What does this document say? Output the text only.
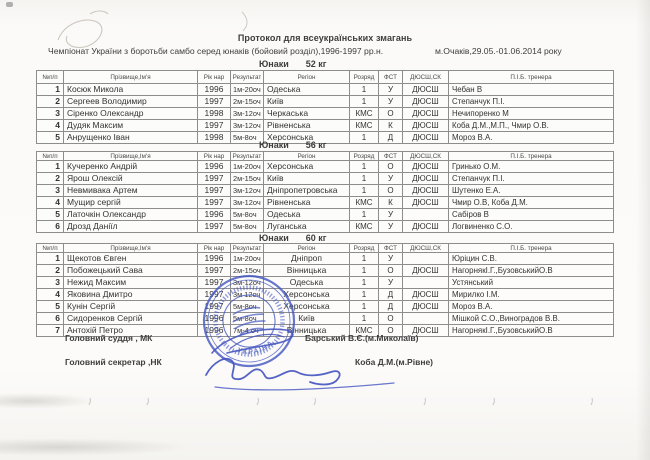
Протокол для всеукраїнських змагань
Чемпіонат України з боротьби самбо серед юнаків (бойовий розділ),1996-1997 рр.н.	м.Очаків,29.05.-01.06.2014 року
Юнаки 52 кг
№п/п	Прізвище,Ім'я	Рік нар	Результат	Регіон	Розряд	ФСТ	ДЮСШ,СК	П.І.Б. тренера
1	Косюк Микола	1996	1м-20оч	Одеська	1	У	ДЮСШ	Чебан В
2	Сергеев Володимир	1997	2м-15оч	Київ	1	У	ДЮСШ	Степанчук П.І.
3	Сіренко Олександр	1998	3м-12оч	Черкаська	КМС	О	ДЮСШ	Нечипоренко М
4	Дудяк Максим	1997	3м-12оч	Рівненська	КМС	К	ДЮСШ	Коба Д.М.,М.П., Чмир О.В.
5	Анрущенко Іван	1998	5м-8оч	Херсонська	1	Д	ДЮСШ	Мороз В.А.
Юнаки 56 кг
№п/п	Прізвище,Ім'я	Рік нар	Результат	Регіон	Розряд	ФСТ	ДЮСШ,СК	П.І.Б. тренера
1	Кучеренко Андрій	1996	1м-20оч	Херсонська	1	О	ДЮСШ	Гринько О.М.
2	Ярош Олексій	1997	2м-15оч	Київ	1	У	ДЮСШ	Степанчук П.І.
3	Невмивака Артем	1997	3м-12оч	Дніпропетровська	1	О	ДЮСШ	Шутенко Е.А.
4	Мущир сергій	1997	3м-12оч	Рівненська	КМС	К	ДЮСШ	Чмир О.В, Коба Д.М.
5	Латочкін Олександр	1996	5м-8оч	Одеська	1	У		Сабіров В
6	Дрозд Даніїл	1997	5м-8оч	Луганська	КМС	У	ДЮСШ	Логвиненко С.О.
Юнаки 60 кг
№п/п	Прізвище,Ім'я	Рік нар	Результат	Регіон	Розряд	ФСТ	ДЮСШ,СК	П.І.Б. тренера
1	Щекотов Євген	1996	1м-20оч	Дніпроп	1	У		Юріцин С.В.
2	Побожецький Сава	1997	2м-15оч	Вінницька	1	О	ДЮСШ	НагорнякІ.Г.,БузовськийО.В
3	Нежид Максим	1997	3м-12оч	Одеська	1	У		Устянський
4	Яковина Дмитро	1997	3м 12оч	Херсонська	1	Д	ДЮСШ	Мирилко І.М.
5	Кунін Сергій	1997	5м-8оч	Херсонська	1	Д	ДЮСШ	Мороз В.А.
6	Сидоренков Сергій	1996	5м-8оч	Київ	1	О		Мішкой С.О.,Виноградов В.В.
7	Антохій Петро	1996	7м-4 оч	Вінницька	КМС	О	ДЮСШ	НагорнякІ.Г.,БузовськийО.В
Головний суддя , МК	Барський В.Є.(м.Миколаїв)
Головний секретар ,НК	Коба Д.М.(м.Рівне)
УКРАЇНА
